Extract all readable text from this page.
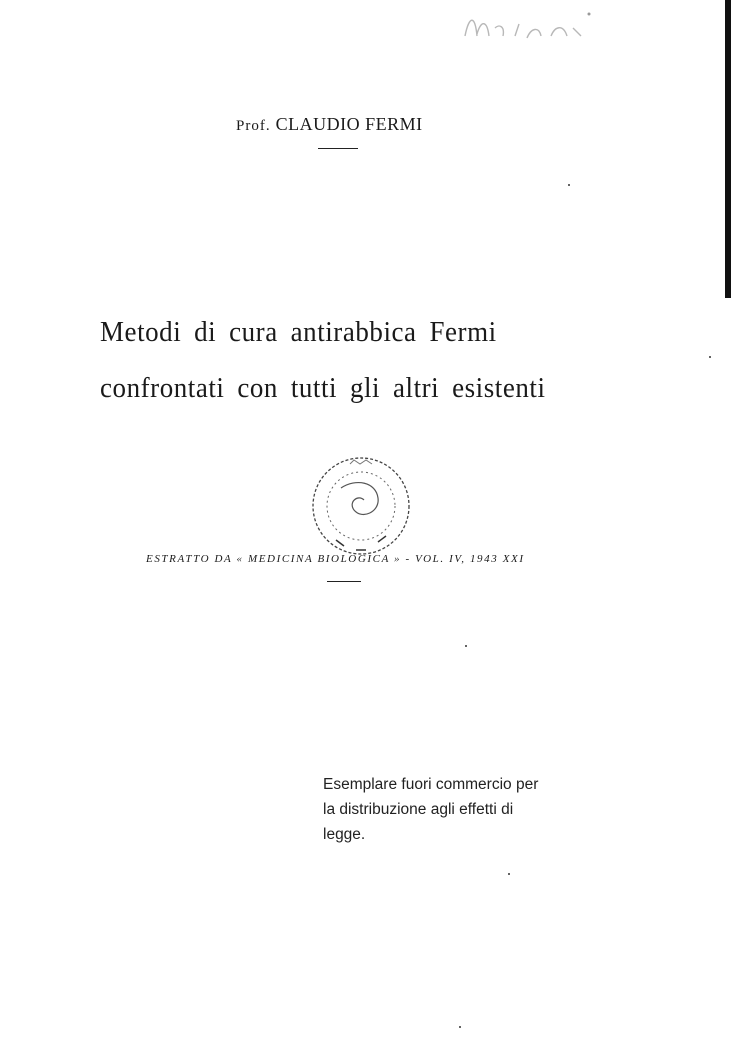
Prof. CLAUDIO FERMI
Metodi di cura antirabbica Fermi
confrontati con tutti gli altri esistenti
ESTRATTO DA « MEDICINA BIOLOGICA » - VOL. IV, 1943 XXI
Esemplare fuori commercio per
la distribuzione agli effetti di
legge.
